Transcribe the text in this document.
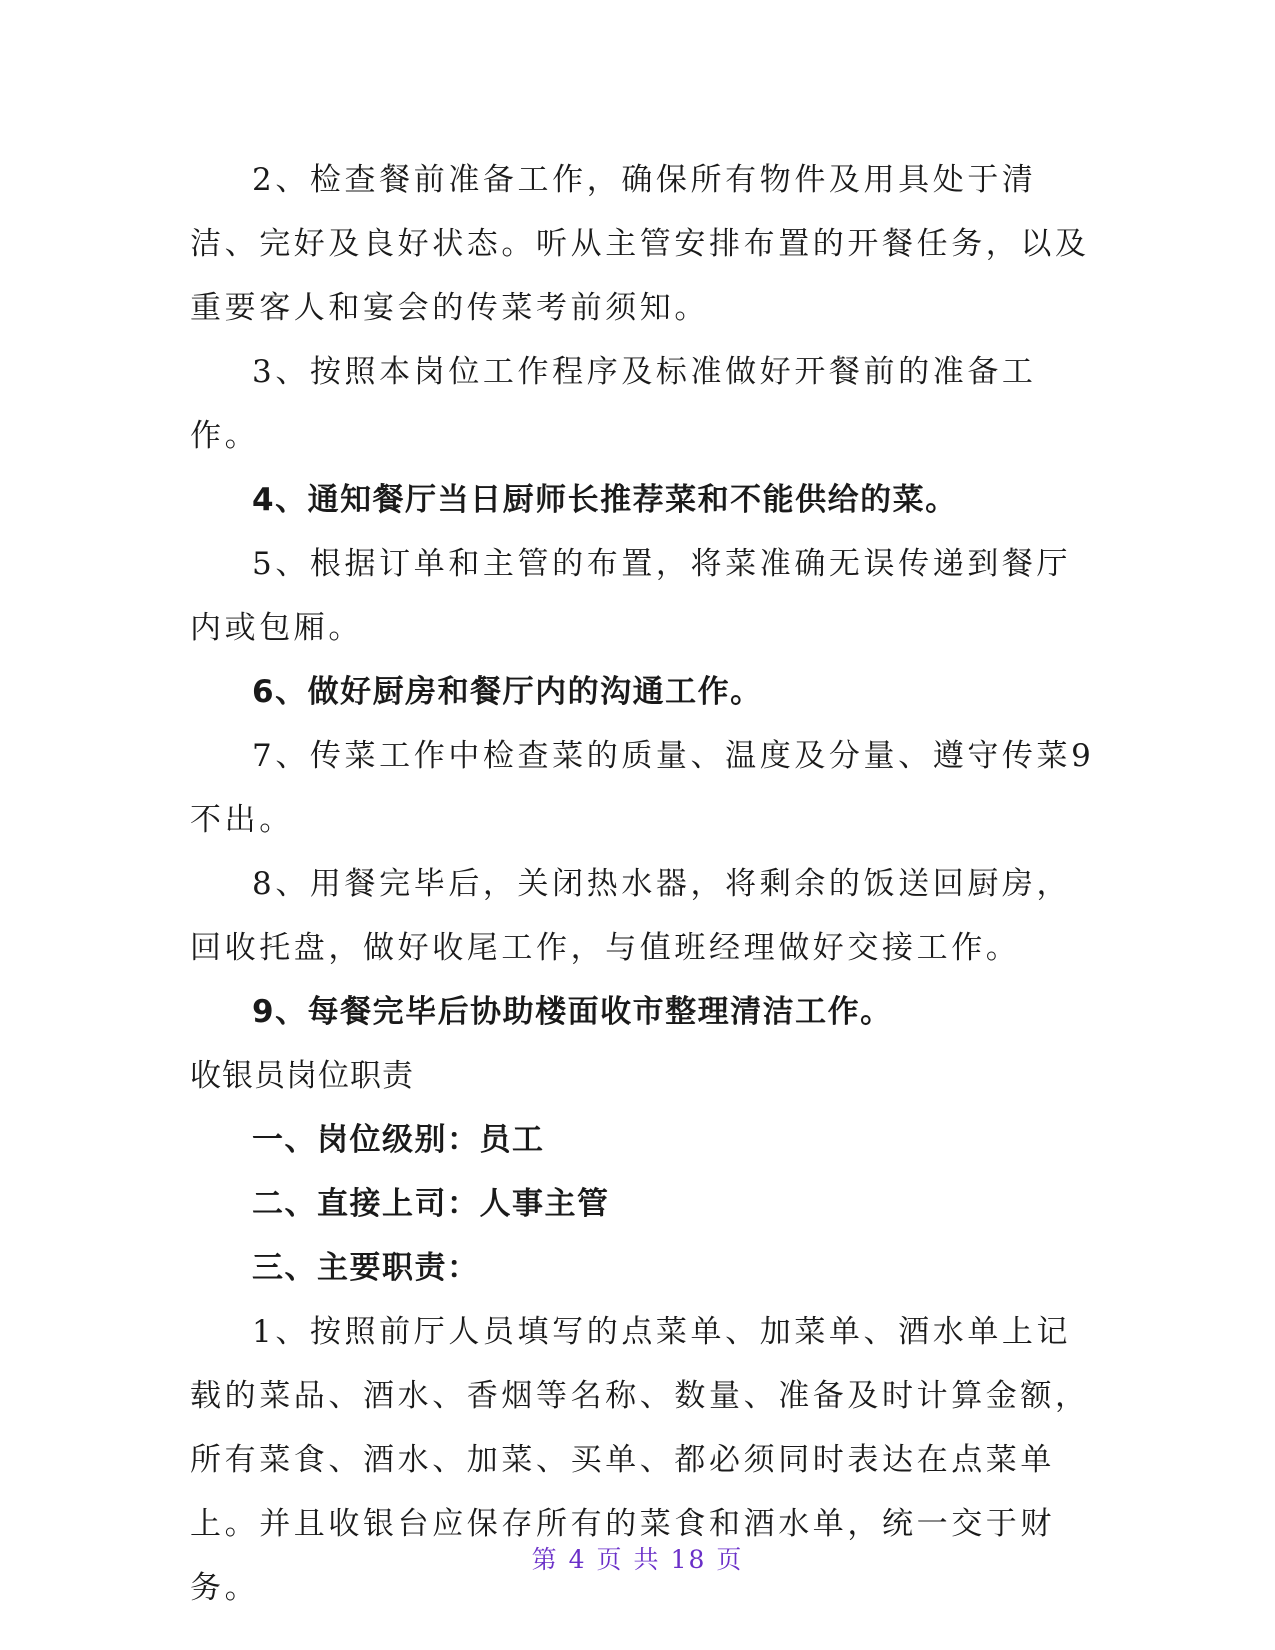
2、检查餐前准备工作，确保所有物件及用具处于清洁、完好及良好状态。听从主管安排布置的开餐任务，以及重要客人和宴会的传菜考前须知。

3、按照本岗位工作程序及标准做好开餐前的准备工作。

4、通知餐厅当日厨师长推荐菜和不能供给的菜。

5、根据订单和主管的布置，将菜准确无误传递到餐厅内或包厢。

6、做好厨房和餐厅内的沟通工作。

7、传菜工作中检查菜的质量、温度及分量、遵守传菜9不出。

8、用餐完毕后，关闭热水器，将剩余的饭送回厨房，回收托盘，做好收尾工作，与值班经理做好交接工作。

9、每餐完毕后协助楼面收市整理清洁工作。

收银员岗位职责

一、岗位级别：员工

二、直接上司：人事主管

三、主要职责：

1、按照前厅人员填写的点菜单、加菜单、酒水单上记载的菜品、酒水、香烟等名称、数量、准备及时计算金额，所有菜食、酒水、加菜、买单、都必须同时表达在点菜单上。并且收银台应保存所有的菜食和酒水单，统一交于财务。

第 4 页 共 18 页
